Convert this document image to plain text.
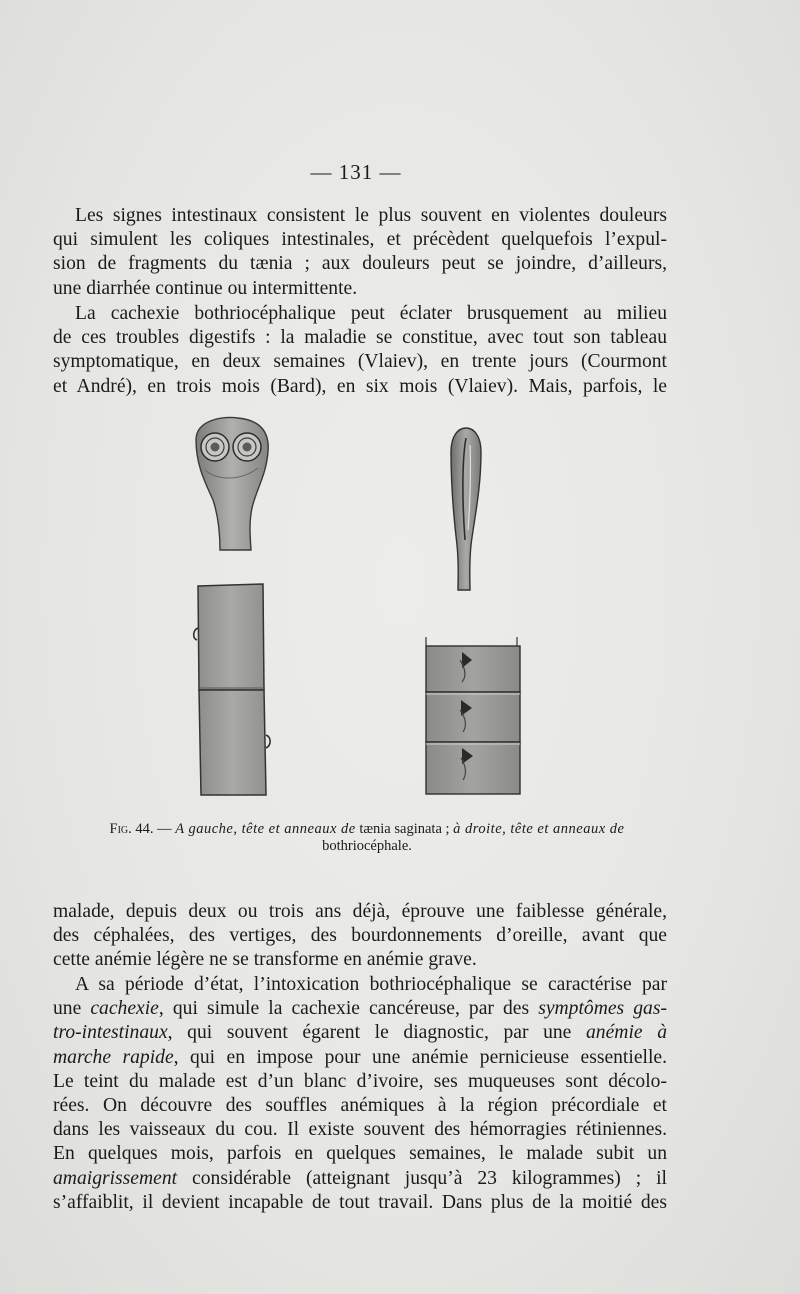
— 131 —

Les signes intestinaux consistent le plus souvent en violentes douleurs
qui simulent les coliques intestinales, et précèdent quelquefois l’expul-
sion de fragments du tænia ; aux douleurs peut se joindre, d’ailleurs,
une diarrhée continue ou intermittente.

La cachexie bothriocéphalique peut éclater brusquement au milieu
de ces troubles digestifs : la maladie se constitue, avec tout son tableau
symptomatique, en deux semaines (Vlaiev), en trente jours (Courmont
et André), en trois mois (Bard), en six mois (Vlaiev). Mais, parfois, le

Fig. 44. — A gauche, tête et anneaux de tænia saginata ; à droite, tête et anneaux de bothriocéphale.

malade, depuis deux ou trois ans déjà, éprouve une faiblesse générale,
des céphalées, des vertiges, des bourdonnements d’oreille, avant que
cette anémie légère ne se transforme en anémie grave.

A sa période d’état, l’intoxication bothriocéphalique se caractérise par
une cachexie, qui simule la cachexie cancéreuse, par des symptômes gas-
tro-intestinaux, qui souvent égarent le diagnostic, par une anémie à
marche rapide, qui en impose pour une anémie pernicieuse essentielle.
Le teint du malade est d’un blanc d’ivoire, ses muqueuses sont décolo-
rées. On découvre des souffles anémiques à la région précordiale et
dans les vaisseaux du cou. Il existe souvent des hémorragies rétiniennes.
En quelques mois, parfois en quelques semaines, le malade subit un
amaigrissement considérable (atteignant jusqu’à 23 kilogrammes) ; il
s’affaiblit, il devient incapable de tout travail. Dans plus de la moitié des
